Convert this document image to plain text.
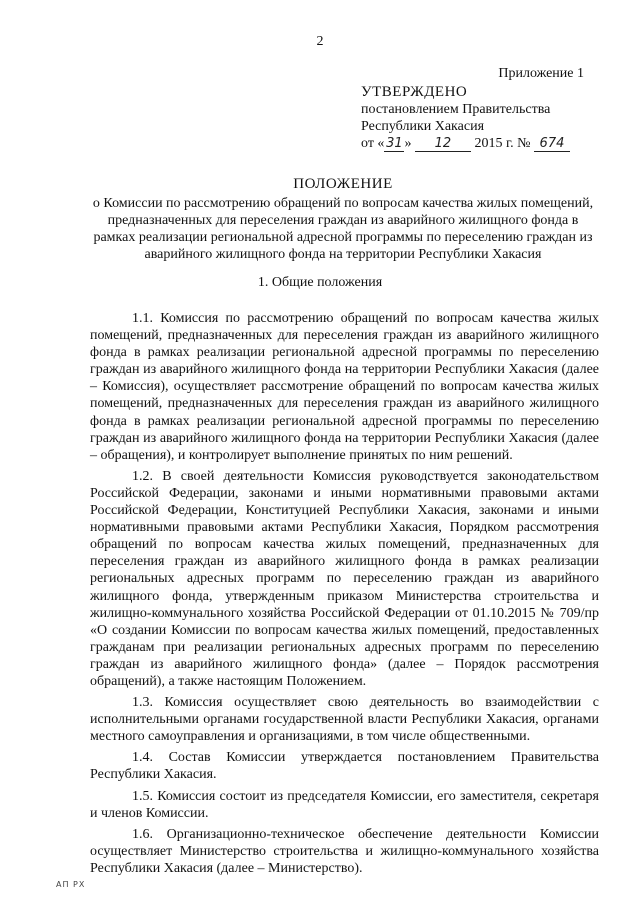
2
Приложение 1
УТВЕРЖДЕНО
постановлением Правительства
Республики Хакасия
от « 31 » 12 2015 г. № 674
ПОЛОЖЕНИЕ
о Комиссии по рассмотрению обращений по вопросам качества жилых помещений, предназначенных для переселения граждан из аварийного жилищного фонда в рамках реализации региональной адресной программы по переселению граждан из аварийного жилищного фонда на территории Республики Хакасия
1. Общие положения

1.1. Комиссия по рассмотрению обращений по вопросам качества жилых помещений, предназначенных для переселения граждан из аварийного жилищного фонда в рамках реализации региональной адресной программы по переселению граждан из аварийного жилищного фонда на территории Республики Хакасия (далее – Комиссия), осуществляет рассмотрение обращений по вопросам качества жилых помещений, предназначенных для переселения граждан из аварийного жилищного фонда в рамках реализации региональной адресной программы по переселению граждан из аварийного жилищного фонда на территории Республики Хакасия (далее – обращения), и контролирует выполнение принятых по ним решений.

1.2. В своей деятельности Комиссия руководствуется законодательством Российской Федерации, законами и иными нормативными правовыми актами Российской Федерации, Конституцией Республики Хакасия, законами и иными нормативными правовыми актами Республики Хакасия, Порядком рассмотрения обращений по вопросам качества жилых помещений, предназначенных для переселения граждан из аварийного жилищного фонда в рамках реализации региональных адресных программ по переселению граждан из аварийного жилищного фонда, утвержденным приказом Министерства строительства и жилищно-коммунального хозяйства Российской Федерации от 01.10.2015 № 709/пр «О создании Комиссии по вопросам качества жилых помещений, предоставленных гражданам при реализации региональных адресных программ по переселению граждан из аварийного жилищного фонда» (далее – Порядок рассмотрения обращений), а также настоящим Положением.

1.3. Комиссия осуществляет свою деятельность во взаимодействии с исполнительными органами государственной власти Республики Хакасия, органами местного самоуправления и организациями, в том числе общественными.

1.4. Состав Комиссии утверждается постановлением Правительства Республики Хакасия.

1.5. Комиссия состоит из председателя Комиссии, его заместителя, секретаря и членов Комиссии.

1.6. Организационно-техническое обеспечение деятельности Комиссии осуществляет Министерство строительства и жилищно-коммунального хозяйства Республики Хакасия (далее – Министерство).

АП РХ
